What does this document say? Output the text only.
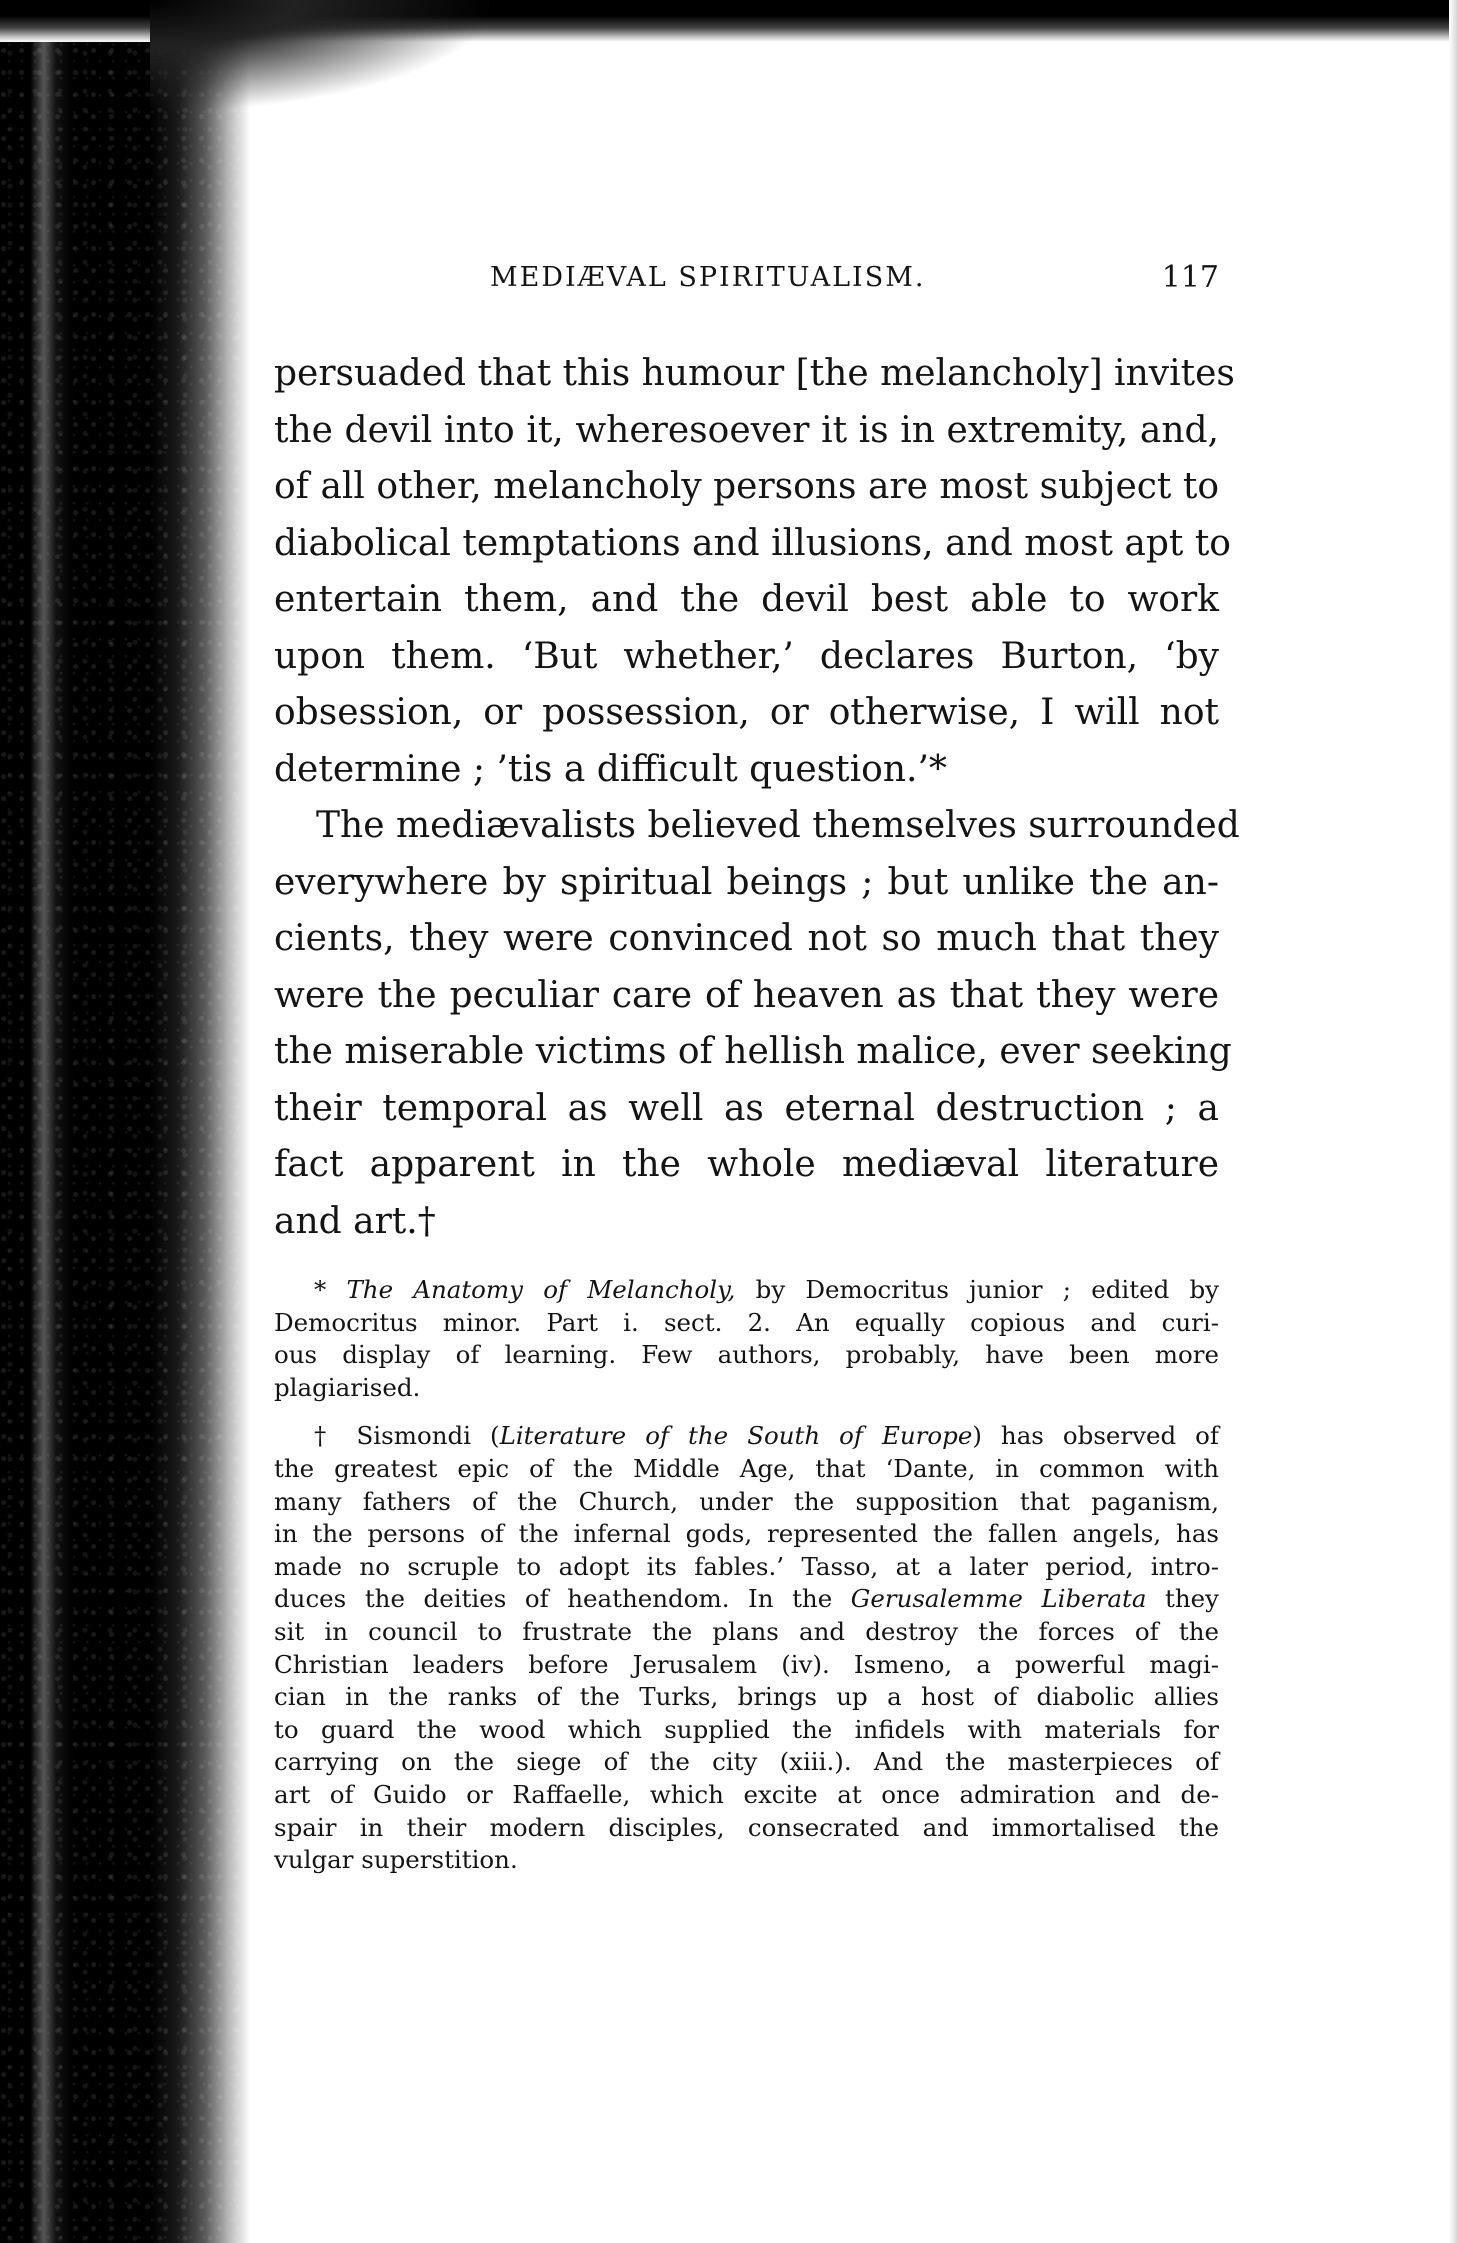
MEDIÆVAL SPIRITUALISM.	117
persuaded that this humour [the melancholy] invites
the devil into it, wheresoever it is in extremity, and,
of all other, melancholy persons are most subject to
diabolical temptations and illusions, and most apt to
entertain them, and the devil best able to work
upon them. ‘But whether,’ declares Burton, ‘by
obsession, or possession, or otherwise, I will not
determine ; ’tis a difficult question.’*
The mediævalists believed themselves surrounded
everywhere by spiritual beings ; but unlike the an-
cients, they were convinced not so much that they
were the peculiar care of heaven as that they were
the miserable victims of hellish malice, ever seeking
their temporal as well as eternal destruction ; a
fact apparent in the whole mediæval literature
and art.†
* The Anatomy of Melancholy, by Democritus junior ; edited by
Democritus minor. Part i. sect. 2. An equally copious and curi-
ous display of learning. Few authors, probably, have been more
plagiarised.
† Sismondi (Literature of the South of Europe) has observed of
the greatest epic of the Middle Age, that ‘Dante, in common with
many fathers of the Church, under the supposition that paganism,
in the persons of the infernal gods, represented the fallen angels, has
made no scruple to adopt its fables.’ Tasso, at a later period, intro-
duces the deities of heathendom. In the Gerusalemme Liberata they
sit in council to frustrate the plans and destroy the forces of the
Christian leaders before Jerusalem (iv). Ismeno, a powerful magi-
cian in the ranks of the Turks, brings up a host of diabolic allies
to guard the wood which supplied the infidels with materials for
carrying on the siege of the city (xiii.). And the masterpieces of
art of Guido or Raffaelle, which excite at once admiration and de-
spair in their modern disciples, consecrated and immortalised the
vulgar superstition.
